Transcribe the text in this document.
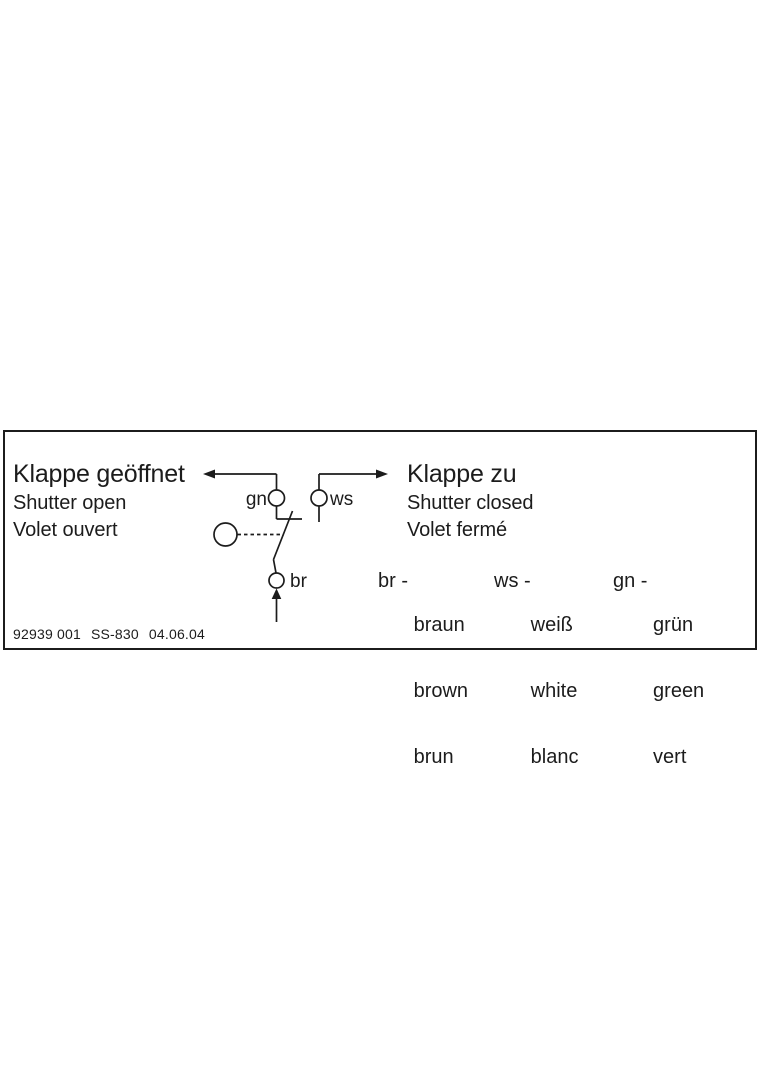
Klappe geöffnet
Shutter open
Volet ouvert
Klappe zu
Shutter closed
Volet fermé
gn	ws
br	br -

braun

brown

brun

ws -

weiß

white

blanc

gn -

grün

green

vert

92939 001 SS-830 04.06.04
